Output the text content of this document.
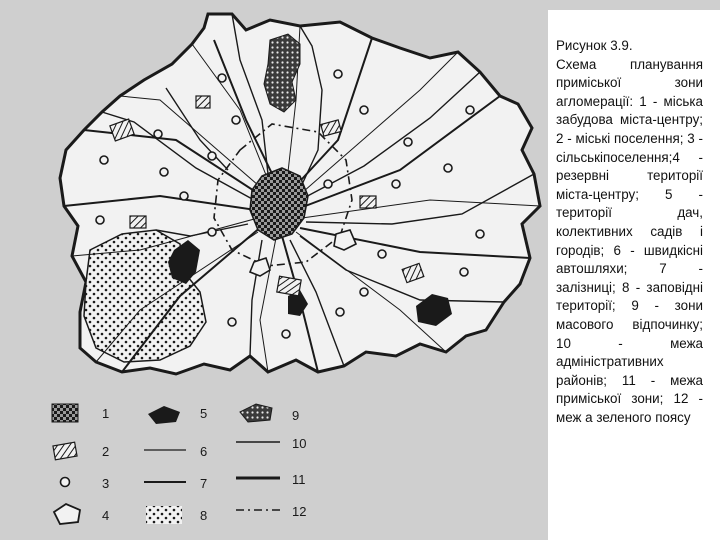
1
2
3
4
5
6
7
8
9
10
11
12
Рисунок 3.9.
Схема планування приміської зони агломерації: 1 - міська забудова міста-центру; 2 - міські поселення; 3 - сільськіпоселення;4 - резервні території міста-центру; 5 - території дач, колективних садів і городів; 6 - швидкісні автошляхи; 7 - залізниці; 8 - заповідні території; 9 - зони масового відпочинку; 10 - межа адміністративних районів; 11 - межа приміської зони; 12 - меж а зеленого поясу
